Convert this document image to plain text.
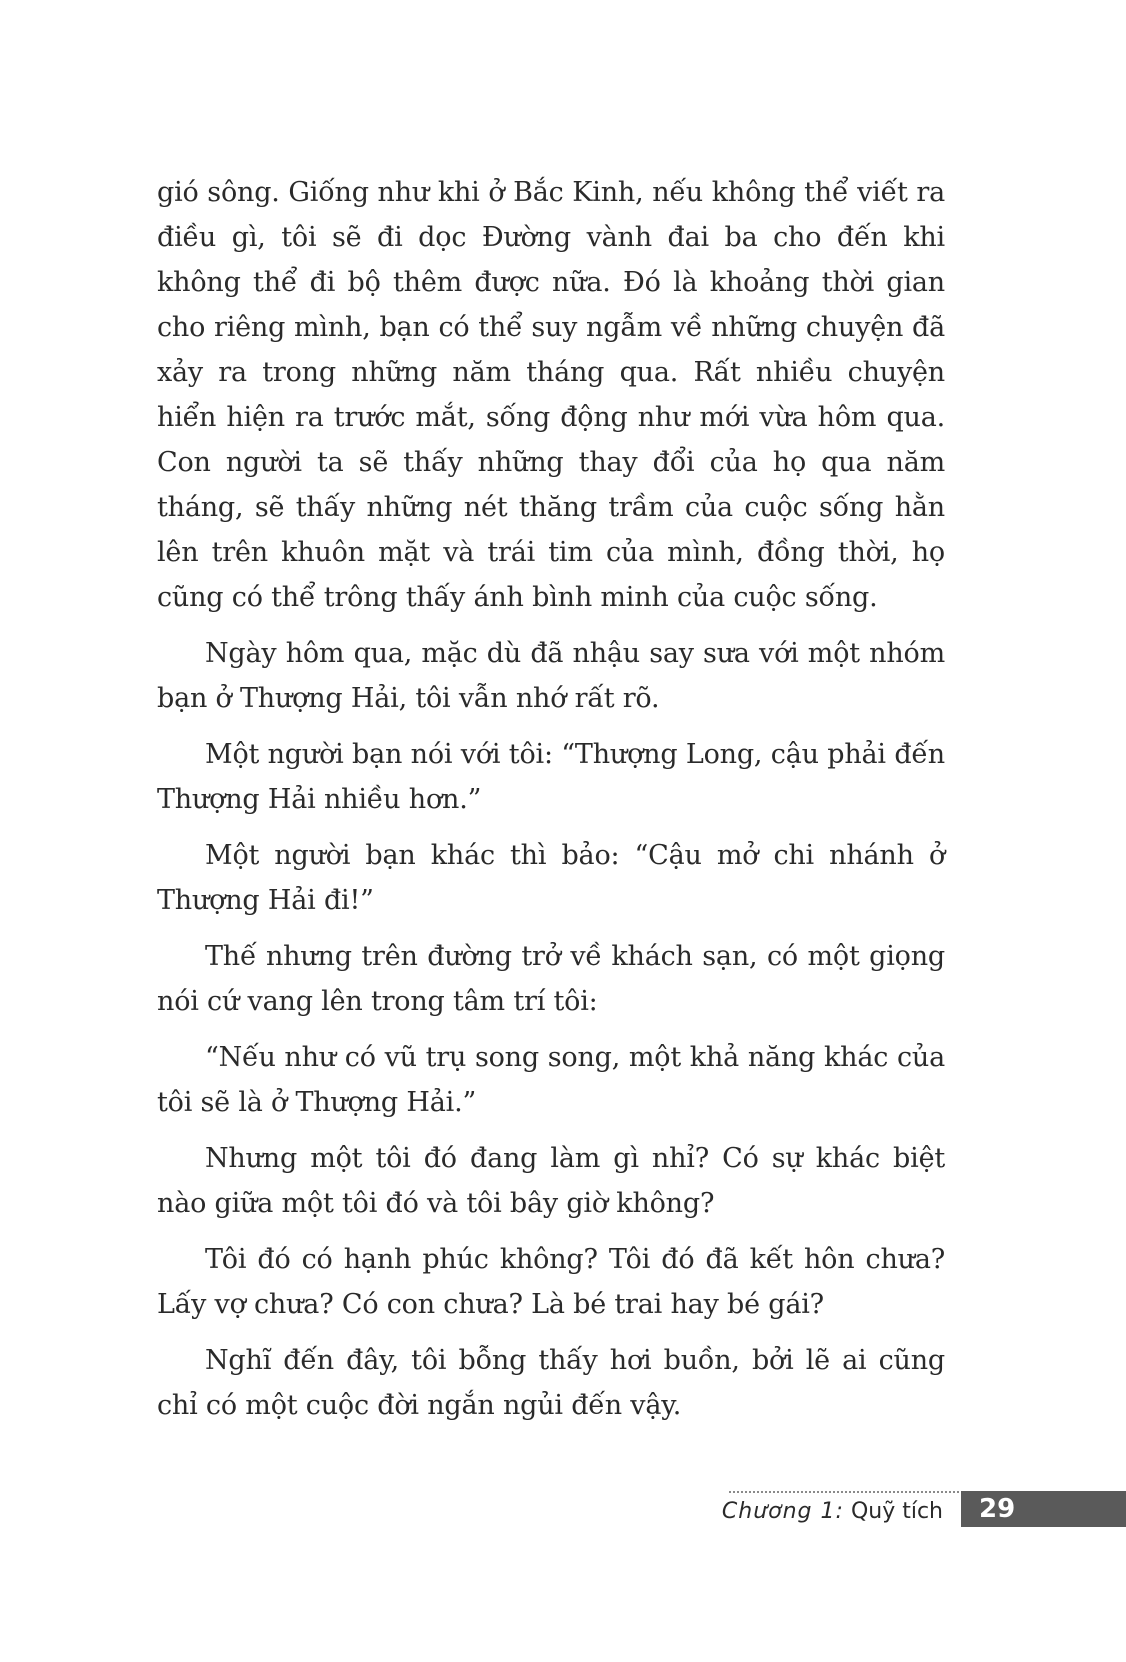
gió sông. Giống như khi ở Bắc Kinh, nếu không thể viết ra điều gì, tôi sẽ đi dọc Đường vành đai ba cho đến khi không thể đi bộ thêm được nữa. Đó là khoảng thời gian cho riêng mình, bạn có thể suy ngẫm về những chuyện đã xảy ra trong những năm tháng qua. Rất nhiều chuyện hiển hiện ra trước mắt, sống động như mới vừa hôm qua. Con người ta sẽ thấy những thay đổi của họ qua năm tháng, sẽ thấy những nét thăng trầm của cuộc sống hằn lên trên khuôn mặt và trái tim của mình, đồng thời, họ cũng có thể trông thấy ánh bình minh của cuộc sống.

Ngày hôm qua, mặc dù đã nhậu say sưa với một nhóm bạn ở Thượng Hải, tôi vẫn nhớ rất rõ.

Một người bạn nói với tôi: “Thượng Long, cậu phải đến Thượng Hải nhiều hơn.”

Một người bạn khác thì bảo: “Cậu mở chi nhánh ở Thượng Hải đi!”

Thế nhưng trên đường trở về khách sạn, có một giọng nói cứ vang lên trong tâm trí tôi:

“Nếu như có vũ trụ song song, một khả năng khác của tôi sẽ là ở Thượng Hải.”

Nhưng một tôi đó đang làm gì nhỉ? Có sự khác biệt nào giữa một tôi đó và tôi bây giờ không?

Tôi đó có hạnh phúc không? Tôi đó đã kết hôn chưa? Lấy vợ chưa? Có con chưa? Là bé trai hay bé gái?

Nghĩ đến đây, tôi bỗng thấy hơi buồn, bởi lẽ ai cũng chỉ có một cuộc đời ngắn ngủi đến vậy.

Chương 1: Quỹ tích 29
